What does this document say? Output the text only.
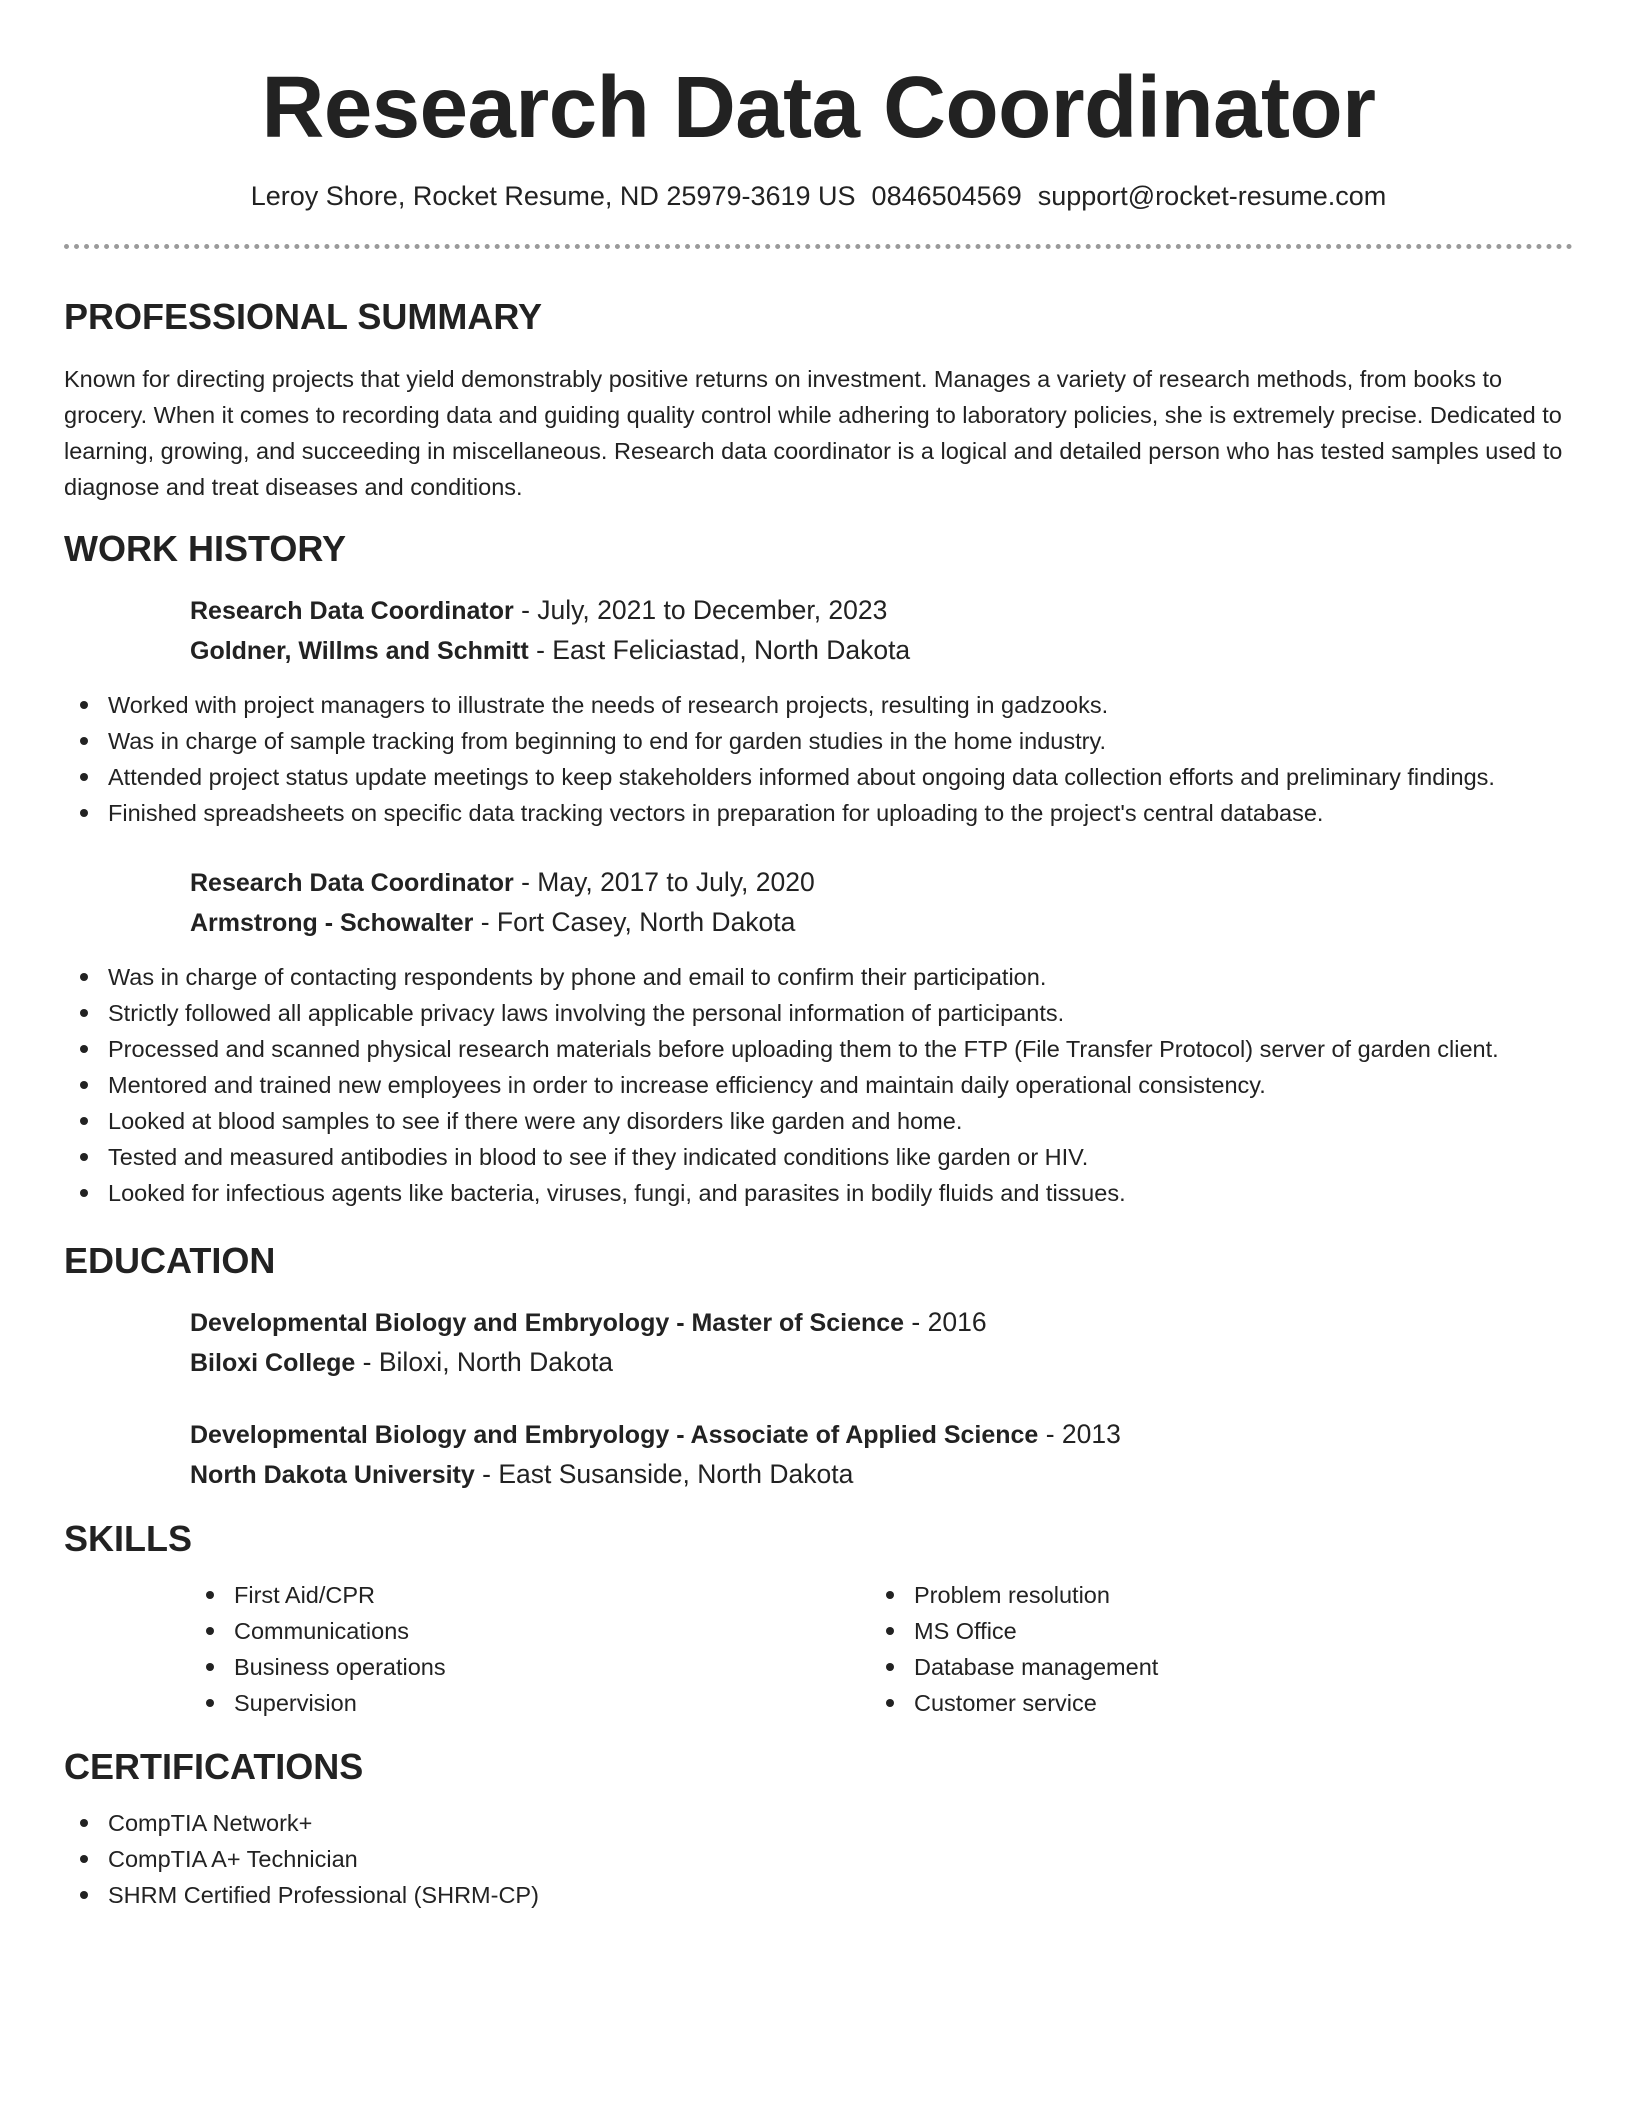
Research Data Coordinator
Leroy Shore, Rocket Resume, ND 25979-3619 US 0846504569 support@rocket-resume.com
PROFESSIONAL SUMMARY

Known for directing projects that yield demonstrably positive returns on investment. Manages a variety of research methods, from books to grocery. When it comes to recording data and guiding quality control while adhering to laboratory policies, she is extremely precise. Dedicated to learning, growing, and succeeding in miscellaneous. Research data coordinator is a logical and detailed person who has tested samples used to diagnose and treat diseases and conditions.

WORK HISTORY
Research Data Coordinator - July, 2021 to December, 2023
Goldner, Willms and Schmitt - East Feliciastad, North Dakota
Worked with project managers to illustrate the needs of research projects, resulting in gadzooks.
Was in charge of sample tracking from beginning to end for garden studies in the home industry.
Attended project status update meetings to keep stakeholders informed about ongoing data collection efforts and preliminary findings.
Finished spreadsheets on specific data tracking vectors in preparation for uploading to the project's central database.
Research Data Coordinator - May, 2017 to July, 2020
Armstrong - Schowalter - Fort Casey, North Dakota
Was in charge of contacting respondents by phone and email to confirm their participation.
Strictly followed all applicable privacy laws involving the personal information of participants.
Processed and scanned physical research materials before uploading them to the FTP (File Transfer Protocol) server of garden client.
Mentored and trained new employees in order to increase efficiency and maintain daily operational consistency.
Looked at blood samples to see if there were any disorders like garden and home.
Tested and measured antibodies in blood to see if they indicated conditions like garden or HIV.
Looked for infectious agents like bacteria, viruses, fungi, and parasites in bodily fluids and tissues.
EDUCATION
Developmental Biology and Embryology - Master of Science - 2016
Biloxi College - Biloxi, North Dakota
Developmental Biology and Embryology - Associate of Applied Science - 2013
North Dakota University - East Susanside, North Dakota
SKILLS
First Aid/CPR
Communications
Business operations
Supervision
Problem resolution
MS Office
Database management
Customer service
CERTIFICATIONS
CompTIA Network+
CompTIA A+ Technician
SHRM Certified Professional (SHRM-CP)
